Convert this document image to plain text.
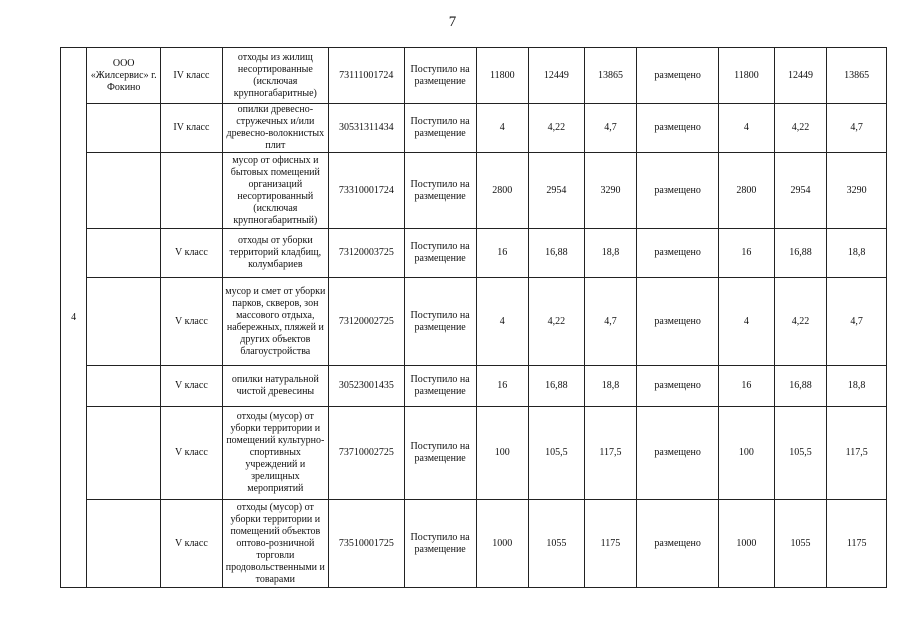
7
4	ООО «Жилсервис» г. Фокино	IV класс	отходы из жилищ несортированные (исключая крупногабаритные)	73111001724	Поступило на размещение	11800	12449	13865	размещено	11800	12449	13865
		IV класс	опилки древесно-стружечных и/или древесно-волокнистых плит	30531311434	Поступило на размещение	4	4,22	4,7	размещено	4	4,22	4,7
			мусор от офисных и бытовых помещений организаций несортированный (исключая крупногабаритный)	73310001724	Поступило на размещение	2800	2954	3290	размещено	2800	2954	3290
		V класс	отходы от уборки территорий кладбищ, колумбариев	73120003725	Поступило на размещение	16	16,88	18,8	размещено	16	16,88	18,8
		V класс	мусор и смет от уборки парков, скверов, зон массового отдыха, набережных, пляжей и других объектов благоустройства	73120002725	Поступило на размещение	4	4,22	4,7	размещено	4	4,22	4,7
		V класс	опилки натуральной чистой древесины	30523001435	Поступило на размещение	16	16,88	18,8	размещено	16	16,88	18,8
		V класс	отходы (мусор) от уборки территории и помещений культурно-спортивных учреждений и зрелищных мероприятий	73710002725	Поступило на размещение	100	105,5	117,5	размещено	100	105,5	117,5
		V класс	отходы (мусор) от уборки территории и помещений объектов оптово-розничной торговли продовольственными и товарами	73510001725	Поступило на размещение	1000	1055	1175	размещено	1000	1055	1175
